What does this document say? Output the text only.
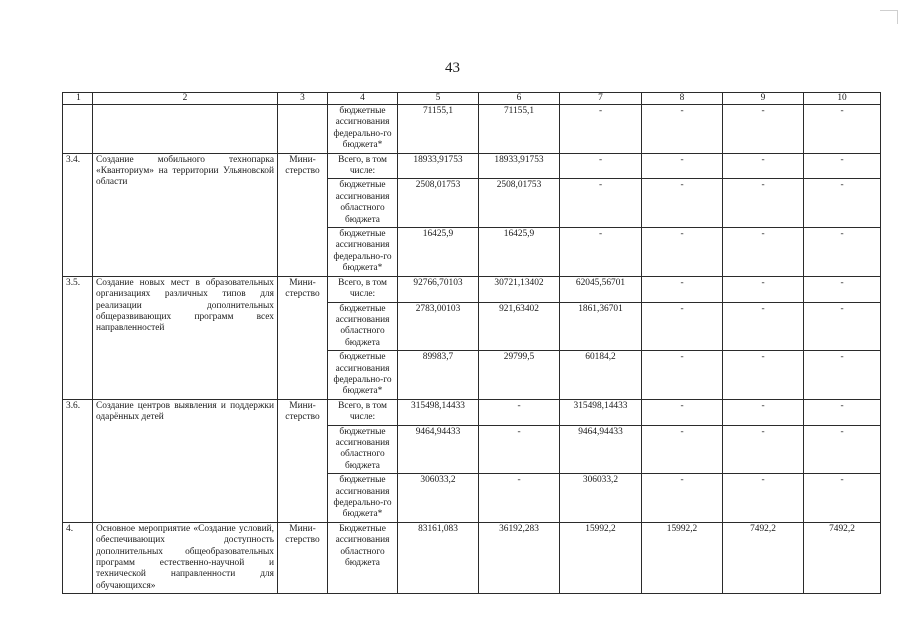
43
1	2	3	4	5	6	7	8	9	10
			бюджетные ассигнования федерально-го бюджета*	71155,1	71155,1	-	-	-	-
3.4.	Создание мобильного технопарка «Кванториум» на территории Ульяновской области	Мини-стерство	Всего, в том числе:	18933,91753	18933,91753	-	-	-	-
			бюджетные ассигнования областного бюджета	2508,01753	2508,01753	-	-	-	-
			бюджетные ассигнования федерально-го бюджета*	16425,9	16425,9	-	-	-	-
3.5.	Создание новых мест в образовательных организациях различных типов для реализации дополнительных общеразвивающих программ всех направленностей	Мини-стерство	Всего, в том числе:	92766,70103	30721,13402	62045,56701	-	-	-
			бюджетные ассигнования областного бюджета	2783,00103	921,63402	1861,36701	-	-	-
			бюджетные ассигнования федерально-го бюджета*	89983,7	29799,5	60184,2	-	-	-
3.6.	Создание центров выявления и поддержки одарённых детей	Мини-стерство	Всего, в том числе:	315498,14433	-	315498,14433	-	-	-
			бюджетные ассигнования областного бюджета	9464,94433	-	9464,94433	-	-	-
			бюджетные ассигнования федерально-го бюджета*	306033,2	-	306033,2	-	-	-
4.	Основное мероприятие «Создание условий, обеспечивающих доступность дополнительных общеобразовательных программ естественно-научной и технической направленности для обучающихся»	Мини-стерство	Бюджетные ассигнования областного бюджета	83161,083	36192,283	15992,2	15992,2	7492,2	7492,2
